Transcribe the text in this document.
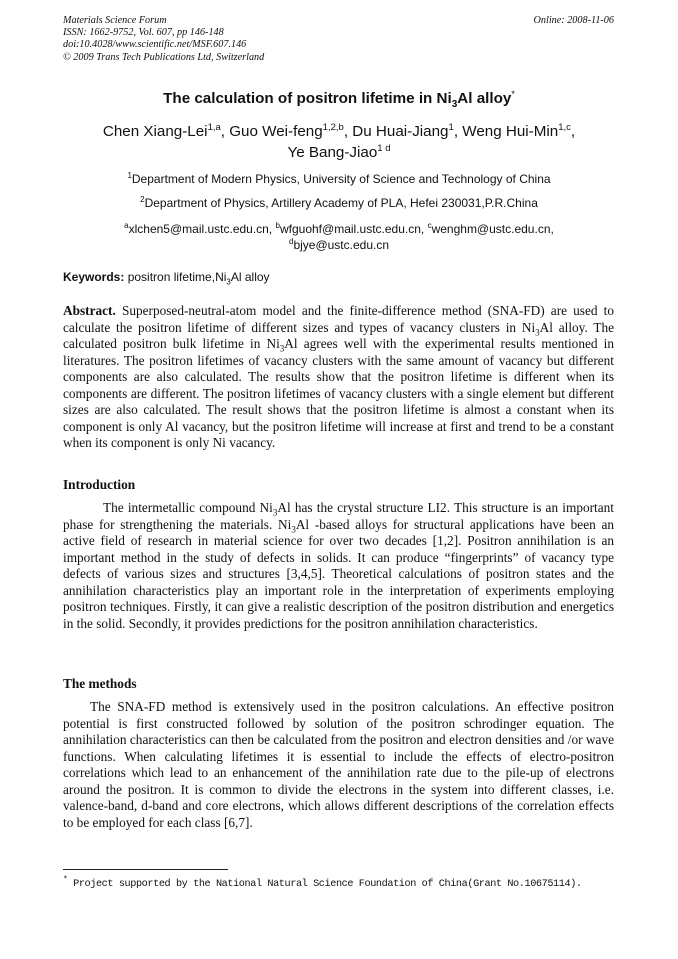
Materials Science Forum
ISSN: 1662-9752, Vol. 607, pp 146-148
doi:10.4028/www.scientific.net/MSF.607.146
© 2009 Trans Tech Publications Ltd, Switzerland
Online: 2008-11-06
The calculation of positron lifetime in $Ni_3Al$ alloy*
Chen Xiang-Lei$^{1,a}$, Guo Wei-feng$^{1,2,b}$, Du Huai-Jiang$^1$, Weng Hui-Min$^{1,c}$,
Ye Bang-Jiao$^{1 d}$
$^1$Department of Modern Physics, University of Science and Technology of China
$^2$Department of Physics, Artillery Academy of PLA, Hefei 230031,P.R.China
$^a$xlchen5@mail.ustc.edu.cn, $^b$wfguohf@mail.ustc.edu.cn, $^c$wenghm@ustc.edu.cn,
$^d$bjye@ustc.edu.cn
Keywords: positron $lifetime,Ni_3Al$ alloy
Abstract. Superposed-neutral-atom model and the finite-difference method (SNA-FD) are used to calculate the positron lifetime of different sizes and types of vacancy clusters in $Ni_3Al$ alloy. The calculated positron bulk lifetime in $Ni_3Al$ agrees well with the experimental results mentioned in literatures. The positron lifetimes of vacancy clusters with the same amount of vacancy but different components are also calculated. The results show that the positron lifetime is different when its components are different. The positron lifetimes of vacancy clusters with a single element but different sizes are also calculated. The result shows that the positron lifetime is almost a constant when its component is only Al vacancy, but the positron lifetime will increase at first and trend to be a constant when its component is only Ni vacancy.
Introduction
The intermetallic compound $Ni_3Al$ has the crystal structure LI2. This structure is an important phase for strengthening the materials. $Ni_3Al$ -based alloys for structural applications have been an active field of research in material science for over two decades [1,2]. Positron annihilation is an important method in the study of defects in solids. It can produce “fingerprints” of vacancy type defects of various sizes and structures [3,4,5]. Theoretical calculations of positron states and the annihilation characteristics play an important role in the interpretation of experiments employing positron techniques. Firstly, it can give a realistic description of the positron distribution and energetics in the solid. Secondly, it provides predictions for the positron annihilation characteristics.
The methods
The SNA-FD method is extensively used in the positron calculations. An effective positron potential is first constructed followed by solution of the positron schrodinger equation. The annihilation characteristics can then be calculated from the positron and electron densities and /or wave functions. When calculating lifetimes it is essential to include the effects of electro-positron correlations which lead to an enhancement of the annihilation rate due to the pile-up of electrons around the positron. It is common to divide the electrons in the system into different classes, i.e. valence-band, d-band and core electrons, which allows different descriptions of the correlation effects to be employed for each class [6,7].
* Project supported by the National Natural Science Foundation of China(Grant No.10675114).
